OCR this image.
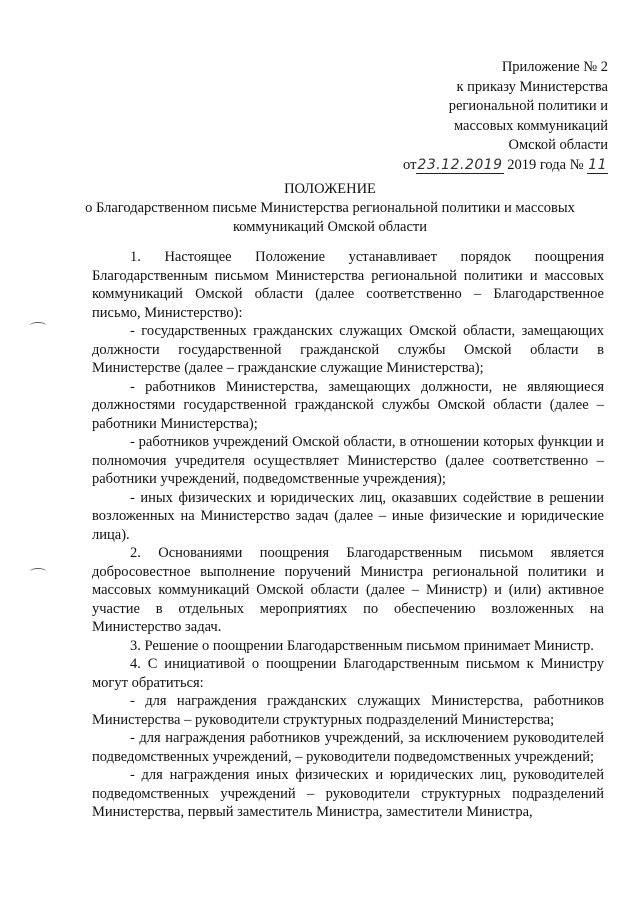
Приложение № 2
к приказу Министерства
региональной политики и
массовых коммуникаций
Омской области
от23.12.2019 2019 года № 11
ПОЛОЖЕНИЕ
о Благодарственном письме Министерства региональной политики и массовых коммуникаций Омской области

1. Настоящее Положение устанавливает порядок поощрения Благодарственным письмом Министерства региональной политики и массовых коммуникаций Омской области (далее соответственно – Благодарственное письмо, Министерство):

- государственных гражданских служащих Омской области, замещающих должности государственной гражданской службы Омской области в Министерстве (далее – гражданские служащие Министерства);

- работников Министерства, замещающих должности, не являющиеся должностями государственной гражданской службы Омской области (далее – работники Министерства);

- работников учреждений Омской области, в отношении которых функции и полномочия учредителя осуществляет Министерство (далее соответственно – работники учреждений, подведомственные учреждения);

- иных физических и юридических лиц, оказавших содействие в решении возложенных на Министерство задач (далее – иные физические и юридические лица).

2. Основаниями поощрения Благодарственным письмом является добросовестное выполнение поручений Министра региональной политики и массовых коммуникаций Омской области (далее – Министр) и (или) активное участие в отдельных мероприятиях по обеспечению возложенных на Министерство задач.

3. Решение о поощрении Благодарственным письмом принимает Министр.

4. С инициативой о поощрении Благодарственным письмом к Министру могут обратиться:

- для награждения гражданских служащих Министерства, работников Министерства – руководители структурных подразделений Министерства;

- для награждения работников учреждений, за исключением руководителей подведомственных учреждений, – руководители подведомственных учреждений;

- для награждения иных физических и юридических лиц, руководителей подведомственных учреждений – руководители структурных подразделений Министерства, первый заместитель Министра, заместители Министра,
